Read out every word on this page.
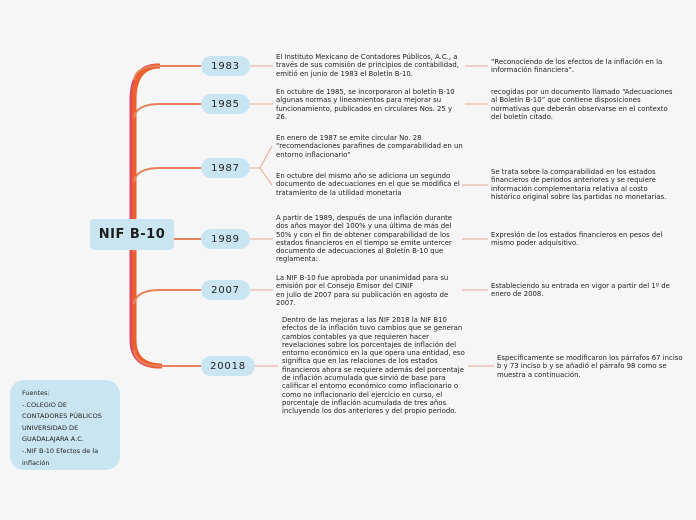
NIF B-10
1983
1985
1987
1989
2007
20018
El Instituto Mexicano de Contadores Públicos, A.C., a
través de sus comisión de principios de contabilidad,
emitió en junio de 1983 el Boletín B-10.
En octubre de 1985, se incorporaron al boletín B-10
algunas normas y lineamientos para mejorar su
funcionamiento, publicados en circulares Nos. 25 y
26.
En enero de 1987 se emite circular No. 28
“recomendaciones parafines de comparabilidad en un
entorno inflacionario”
En octubre del mismo año se adiciona un segundo
documento de adecuaciones en el que se modifica el
tratamiento de la utilidad monetaria
A partir de 1989, después de una inflación durante
dos años mayor del 100% y una última de más del
50% y con el fin de obtener comparabilidad de los
estados financieros en el tiempo se emite untercer
documento de adecuaciones al Boletín B-10 que
reglamenta:
La NIF B-10 fue aprobada por unanimidad para su
emisión por el Consejo Emisor del CINIF
en julio de 2007 para su publicación en agosto de
2007.
Dentro de las mejoras a las NIF 2018 la NIF B10
efectos de la inflación tuvo cambios que se generan
cambios contables ya que requieren hacer
revelaciones sobre los porcentajes de inflación del
entorno económico en la que opera una entidad, eso
significa que en las relaciones de los estados
financieros ahora se requiere además del porcentaje
de inflación acumulada que sirvió de base para
calificar el entorno económico como inflacionario o
como no inflacionario del ejercicio en curso, el
porcentaje de inflación acumulada de tres años
incluyendo los dos anteriores y del propio periodo.
“Reconociendo de los efectos de la inflación en la
información financiera”.
recogidas por un documento llamado “Adecuaciones
al Boletín B-10” que contiene disposiciones
normativas que deberán observarse en el contexto
del boletín citado.
Se trata sobre la comparabilidad en los estados
financieros de periodos anteriores y se requiere
información complementaria relativa al costo
histórico original sobre las partidas no monetarias.
Expresión de los estados financieros en pesos del
mismo poder adquisitivo.
Estableciendo su entrada en vigor a partir del 1º de
enero de 2008.
Específicamente se modificaron los párrafos 67 inciso
b y 73 inciso b y se añadió el párrafo 98 como se
muestra a continuación.
Fuentes:
-.COLEGIO DE
CONTADORES PÚBLICOS
UNIVERSIDAD DE
GUADALAJARA A.C.
-.NIF B-10 Efectos de la
inflación
